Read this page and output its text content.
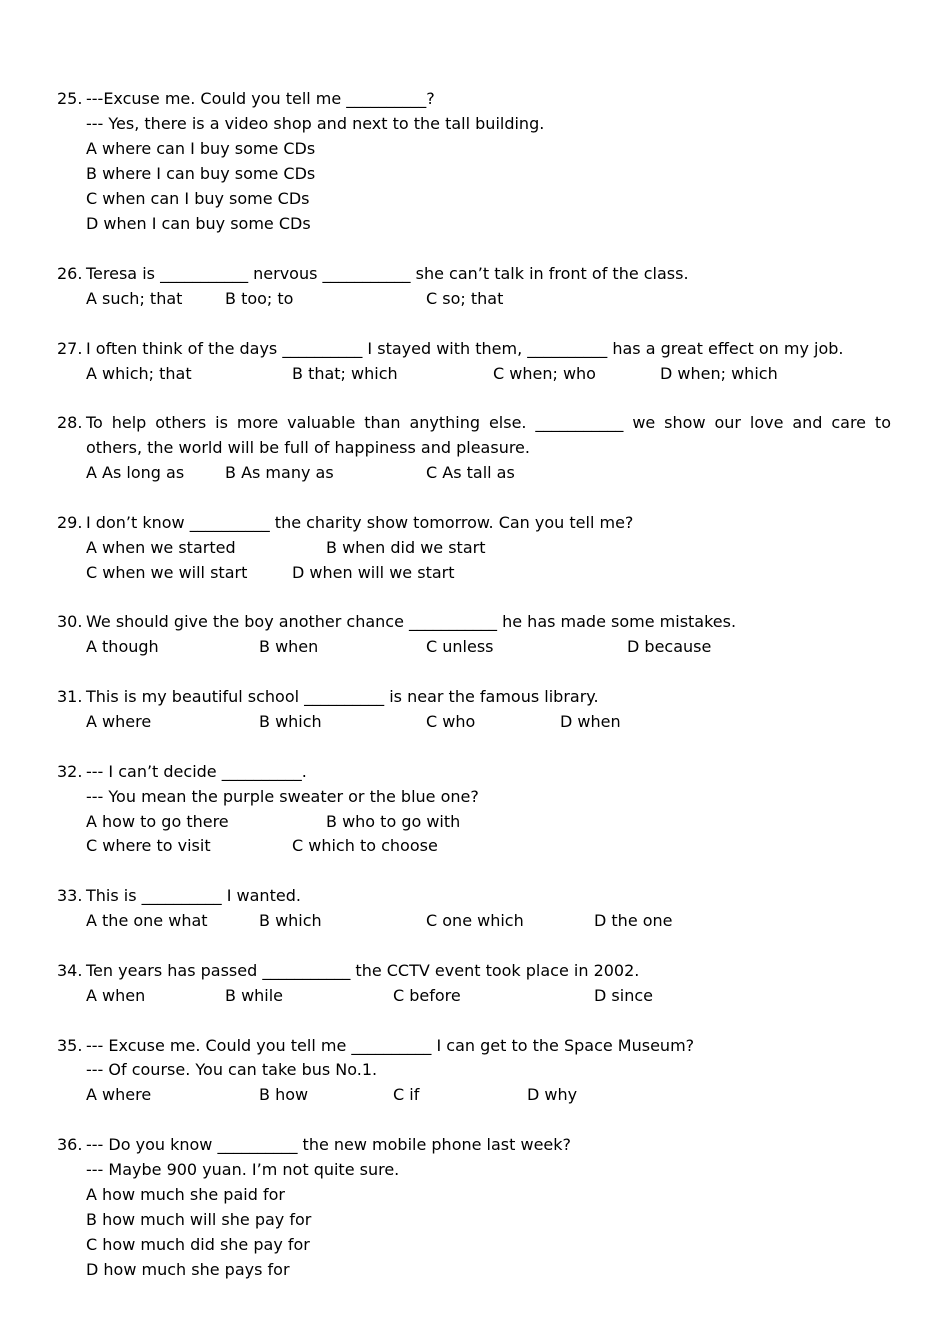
25. ---Excuse me. Could you tell me __________?
--- Yes, there is a video shop and next to the tall building.
A where can I buy some CDs
B where I can buy some CDs
C when can I buy some CDs
D when I can buy some CDs
26. Teresa is ___________ nervous ___________ she can’t talk in front of the class.
A such; that	B too; to	C so; that
27. I often think of the days __________ I stayed with them, __________ has a great effect on my job.
A which; that	B that; which	C when; who	D when; which
28. To help others is more valuable than anything else. ___________ we show our love and care to
others, the world will be full of happiness and pleasure.
A As long as	B As many as	C As tall as
29. I don’t know __________ the charity show tomorrow. Can you tell me?
A when we started	B when did we start
C when we will start	D when will we start
30. We should give the boy another chance ___________ he has made some mistakes.
A though	B when	C unless	D because
31. This is my beautiful school __________ is near the famous library.
A where	B which	C who	D when
32. --- I can’t decide __________.
--- You mean the purple sweater or the blue one?
A how to go there	B who to go with
C where to visit	C which to choose
33. This is __________ I wanted.
A the one what	B which	C one which	D the one
34. Ten years has passed ___________ the CCTV event took place in 2002.
A when	B while	C before	D since
35. --- Excuse me. Could you tell me __________ I can get to the Space Museum?
--- Of course. You can take bus No.1.
A where	B how	C if	D why
36. --- Do you know __________ the new mobile phone last week?
--- Maybe 900 yuan. I’m not quite sure.
A how much she paid for
B how much will she pay for
C how much did she pay for
D how much she pays for
